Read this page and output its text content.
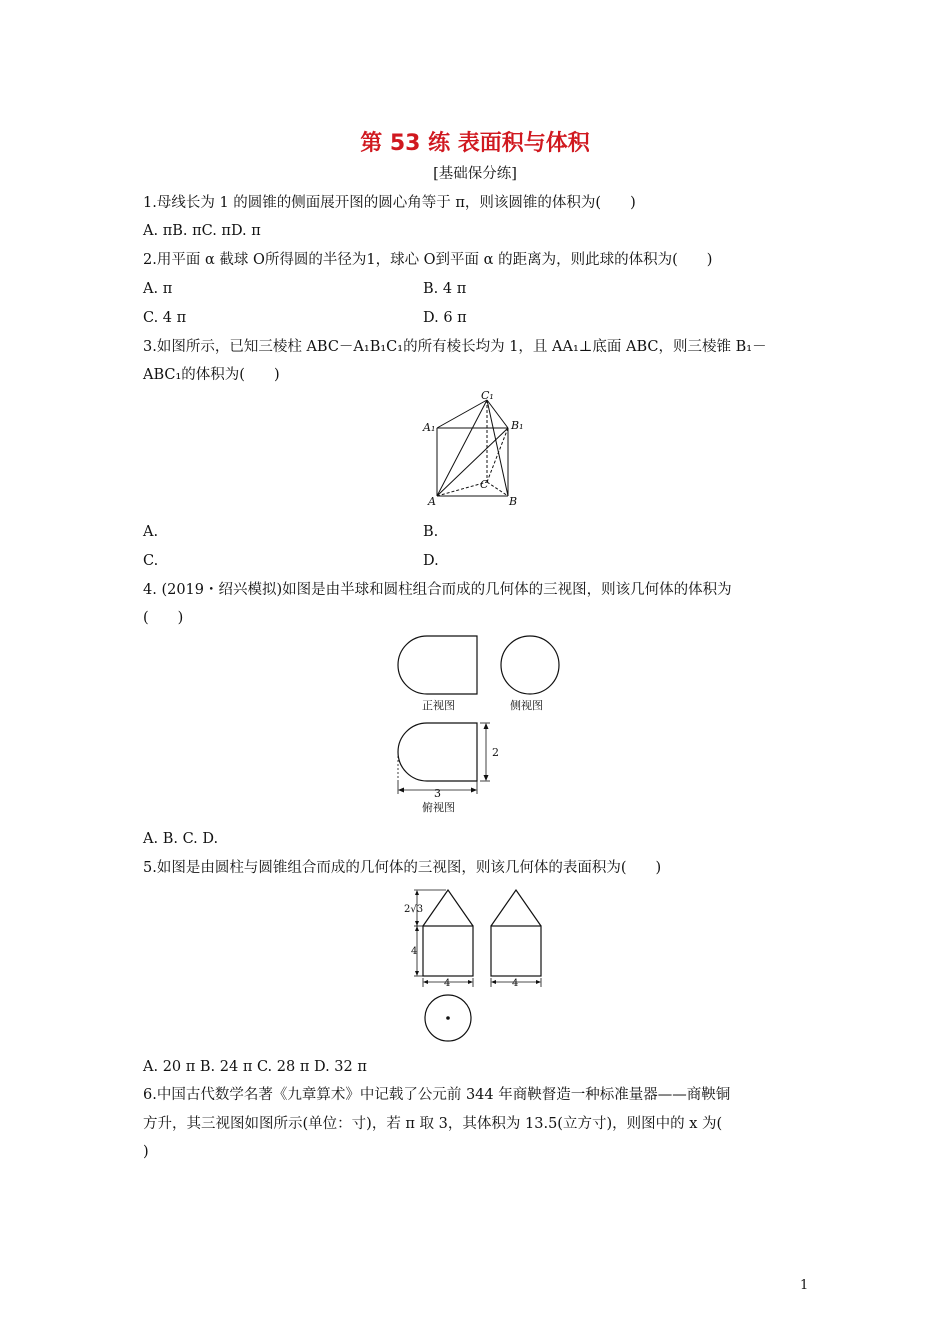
第 53 练 表面积与体积
[基础保分练]
1.母线长为 1 的圆锥的侧面展开图的圆心角等于 π，则该圆锥的体积为(　　)
A. πB. πC. πD. π
2.用平面 α 截球 O所得圆的半径为1，球心 O到平面 α 的距离为，则此球的体积为(　　)
A. π	B. 4 π
C. 4 π	D. 6 π
3.如图所示，已知三棱柱 ABC－A₁B₁C₁的所有棱长均为 1，且 AA₁⊥底面 ABC，则三棱锥 B₁－
ABC₁的体积为(　　)
C₁
A₁	B₁
C
A	B
A.	B.
C.	D.
4. (2019・绍兴模拟)如图是由半球和圆柱组合而成的几何体的三视图，则该几何体的体积为
(　　)
正视图	侧视图
俯视图
2
3
A. B. C. D.
5.如图是由圆柱与圆锥组合而成的几何体的三视图，则该几何体的表面积为(　　)
2√3
4
4	4
A. 20 π B. 24 π C. 28 π D. 32 π
6.中国古代数学名著《九章算术》中记载了公元前 344 年商鞅督造一种标准量器——商鞅铜
方升，其三视图如图所示(单位：寸)，若 π 取 3，其体积为 13.5(立方寸)，则图中的 x 为(
)
1
